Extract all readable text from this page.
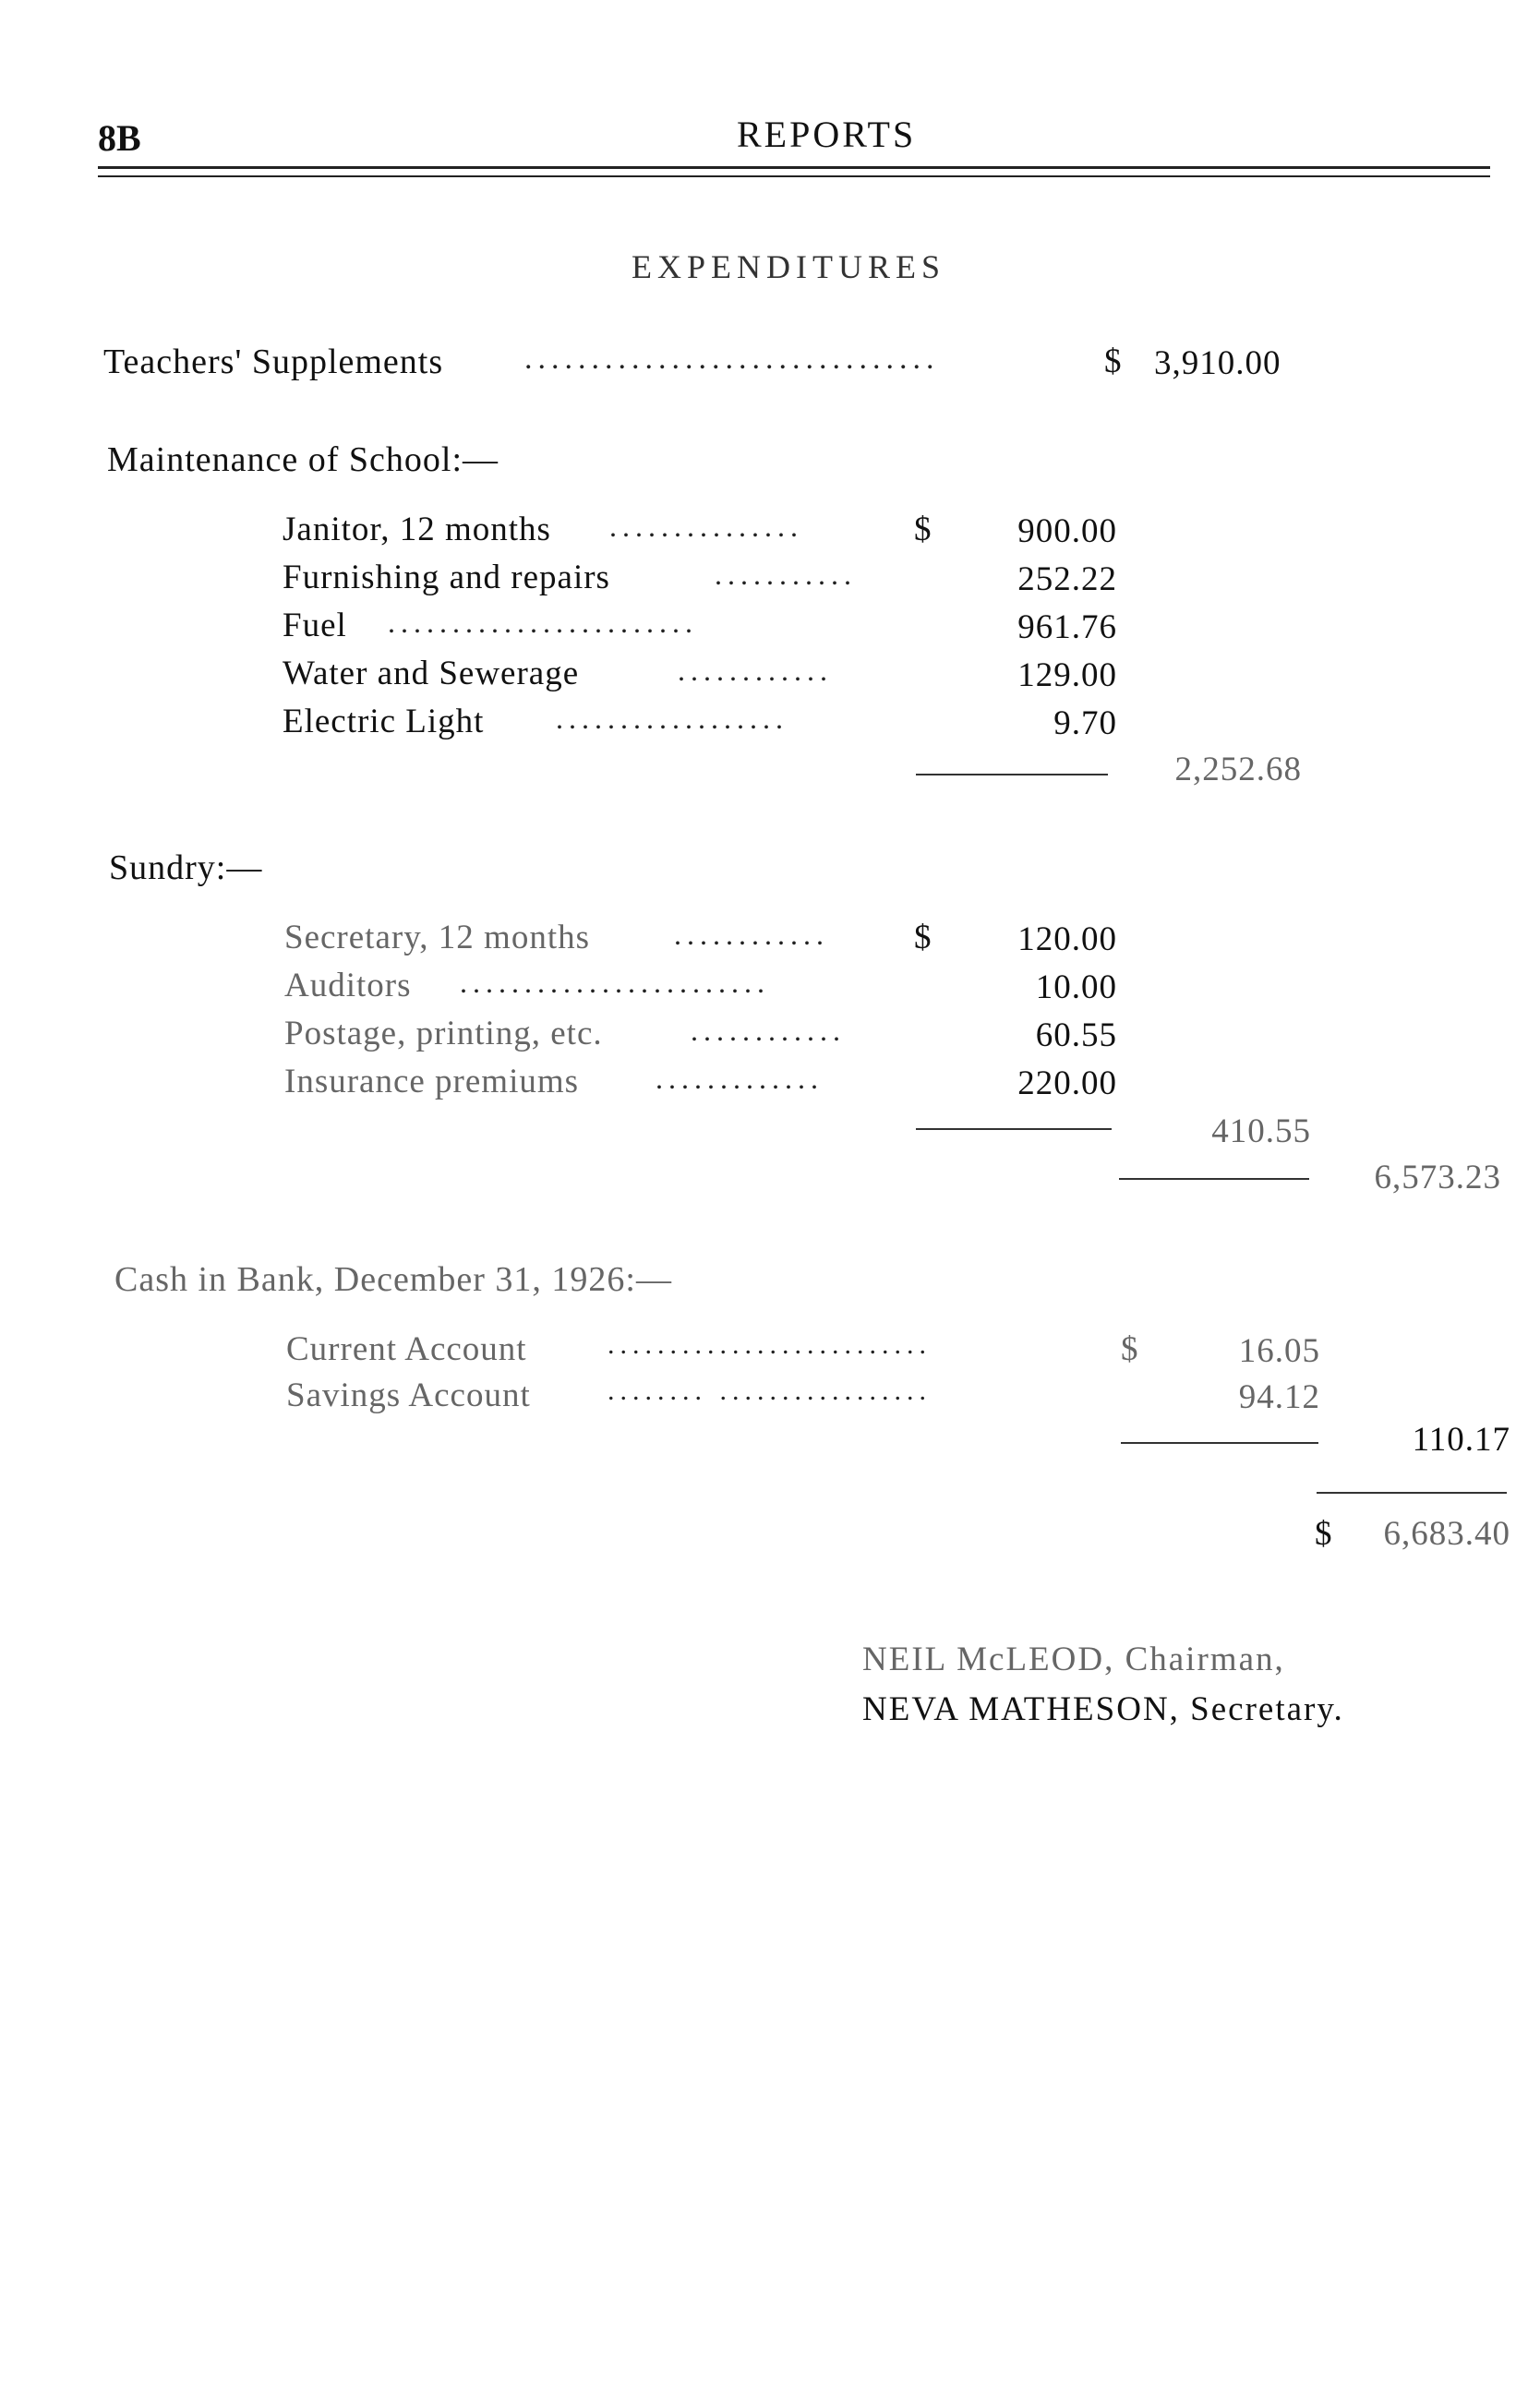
8B	REPORTS
EXPENDITURES
Teachers' Supplements	...............................	$ 3,910.00
Maintenance of School:—
Janitor, 12 months ...............	$	900.00
Furnishing and repairs	...........	252.22
Fuel ........................	961.76
Water and Sewerage	............	129.00
Electric Light ..................	9.70
2,252.68
Sundry:—
Secretary, 12 months	............ $	120.00
Auditors ........................	10.00
Postage, printing, etc.	............	60.55
Insurance premiums	.............	220.00
410.55
6,573.23
Cash in Bank, December 31, 1926:—
Current Account	..........................	$	16.05
Savings Account	........ .................	94.12
110.17
$	6,683.40
NEIL McLEOD, Chairman,
NEVA MATHESON, Secretary.
